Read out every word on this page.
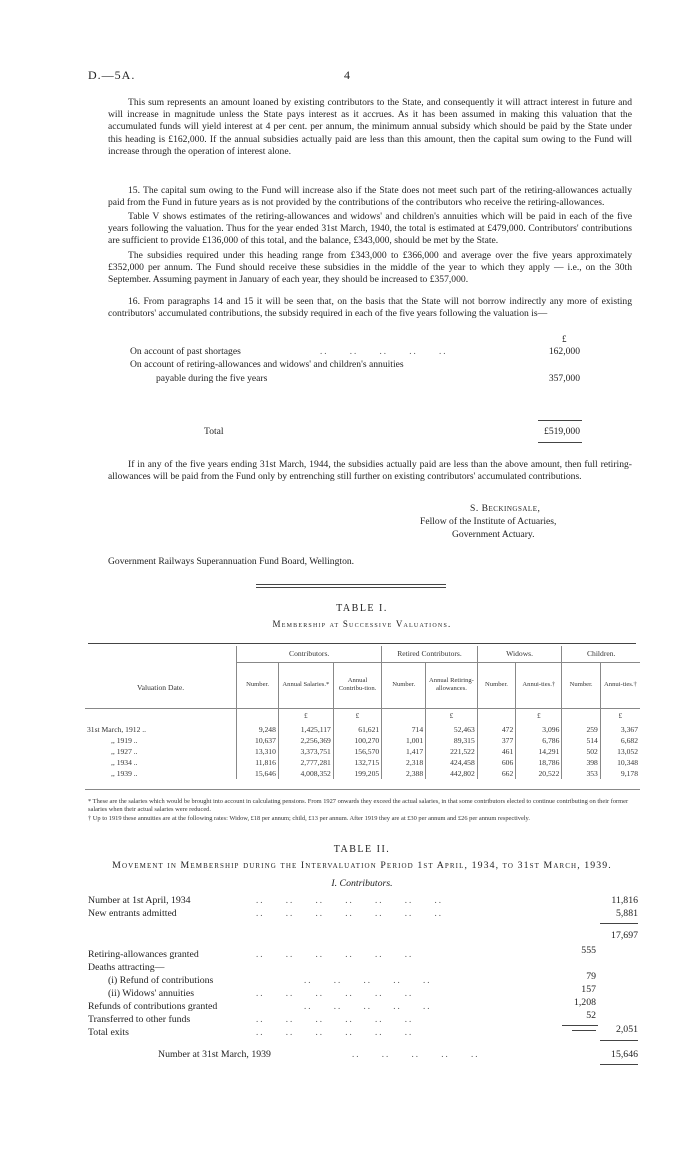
D.—5A.	4
This sum represents an amount loaned by existing contributors to the State, and consequently it will attract interest in future and will increase in magnitude unless the State pays interest as it accrues. As it has been assumed in making this valuation that the accumulated funds will yield interest at 4 per cent. per annum, the minimum annual subsidy which should be paid by the State under this heading is £162,000. If the annual subsidies actually paid are less than this amount, then the capital sum owing to the Fund will increase through the operation of interest alone.
15. The capital sum owing to the Fund will increase also if the State does not meet such part of the retiring-allowances actually paid from the Fund in future years as is not provided by the contributions of the contributors who receive the retiring-allowances.
Table V shows estimates of the retiring-allowances and widows' and children's annuities which will be paid in each of the five years following the valuation. Thus for the year ended 31st March, 1940, the total is estimated at £479,000. Contributors' contributions are sufficient to provide £136,000 of this total, and the balance, £343,000, should be met by the State.
The subsidies required under this heading range from £343,000 to £366,000 and average over the five years approximately £352,000 per annum. The Fund should receive these subsidies in the middle of the year to which they apply — i.e., on the 30th September. Assuming payment in January of each year, they should be increased to £357,000.
16. From paragraphs 14 and 15 it will be seen that, on the basis that the State will not borrow indirectly any more of existing contributors' accumulated contributions, the subsidy required in each of the five years following the valuation is—
£
On account of past shortages	..     ..     ..     ..     ..	162,000
On account of retiring-allowances and widows' and children's annuities
payable during the five years	357,000
Total	£519,000
If in any of the five years ending 31st March, 1944, the subsidies actually paid are less than the above amount, then full retiring-allowances will be paid from the Fund only by entrenching still further on existing contributors' accumulated contributions.
S. Beckingsale,
Fellow of the Institute of Actuaries,
Government Actuary.
Government Railways Superannuation Fund Board, Wellington.
TABLE I.
Membership at Successive Valuations.
Valuation Date.	Contributors.			Retired Contributors.		Widows.		Children.	
	Number.	Annual Salaries.*	Annual Contribu-tion.	Number.	Annual Retiring-allowances.	Number.	Annui-ties.†	Number.	Annui-ties.†
		£	£		£		£		£
31st March, 1912 ..	9,248	1,425,117	61,621	714	52,463	472	3,096	259	3,367
,, 1919 ..	10,637	2,256,369	100,270	1,001	89,315	377	6,786	514	6,682
,, 1927 ..	13,310	3,373,751	156,570	1,417	221,522	461	14,291	502	13,052
,, 1934 ..	11,816	2,777,281	132,715	2,318	424,458	606	18,786	398	10,348
,, 1939 ..	15,646	4,008,352	199,205	2,388	442,802	662	20,522	353	9,178

* These are the salaries which would be brought into account in calculating pensions. From 1927 onwards they exceed the actual salaries, in that some contributors elected to continue contributing on their former salaries when their actual salaries were reduced.
† Up to 1919 these annuities are at the following rates: Widow, £18 per annum; child, £13 per annum. After 1919 they are at £30 per annum and £26 per annum respectively.
TABLE II.
Movement in Membership during the Intervaluation Period 1st April, 1934, to 31st March, 1939.
I. Contributors.
Number at 1st April, 1934	..     ..     ..     ..     ..     ..     ..	11,816
New entrants admitted	..     ..     ..     ..     ..     ..     ..	5,881
17,697
Retiring-allowances granted	..     ..     ..     ..     ..     ..	555
Deaths attracting—
(i) Refund of contributions	..     ..     ..     ..     ..	79
(ii) Widows' annuities	..     ..     ..     ..     ..     ..	157
Refunds of contributions granted	..     ..     ..     ..     ..	1,208
Transferred to other funds	..     ..     ..     ..     ..     ..	52
Total exits	..     ..     ..     ..     ..     ..	2,051
Number at 31st March, 1939	..     ..     ..     ..     ..	15,646
